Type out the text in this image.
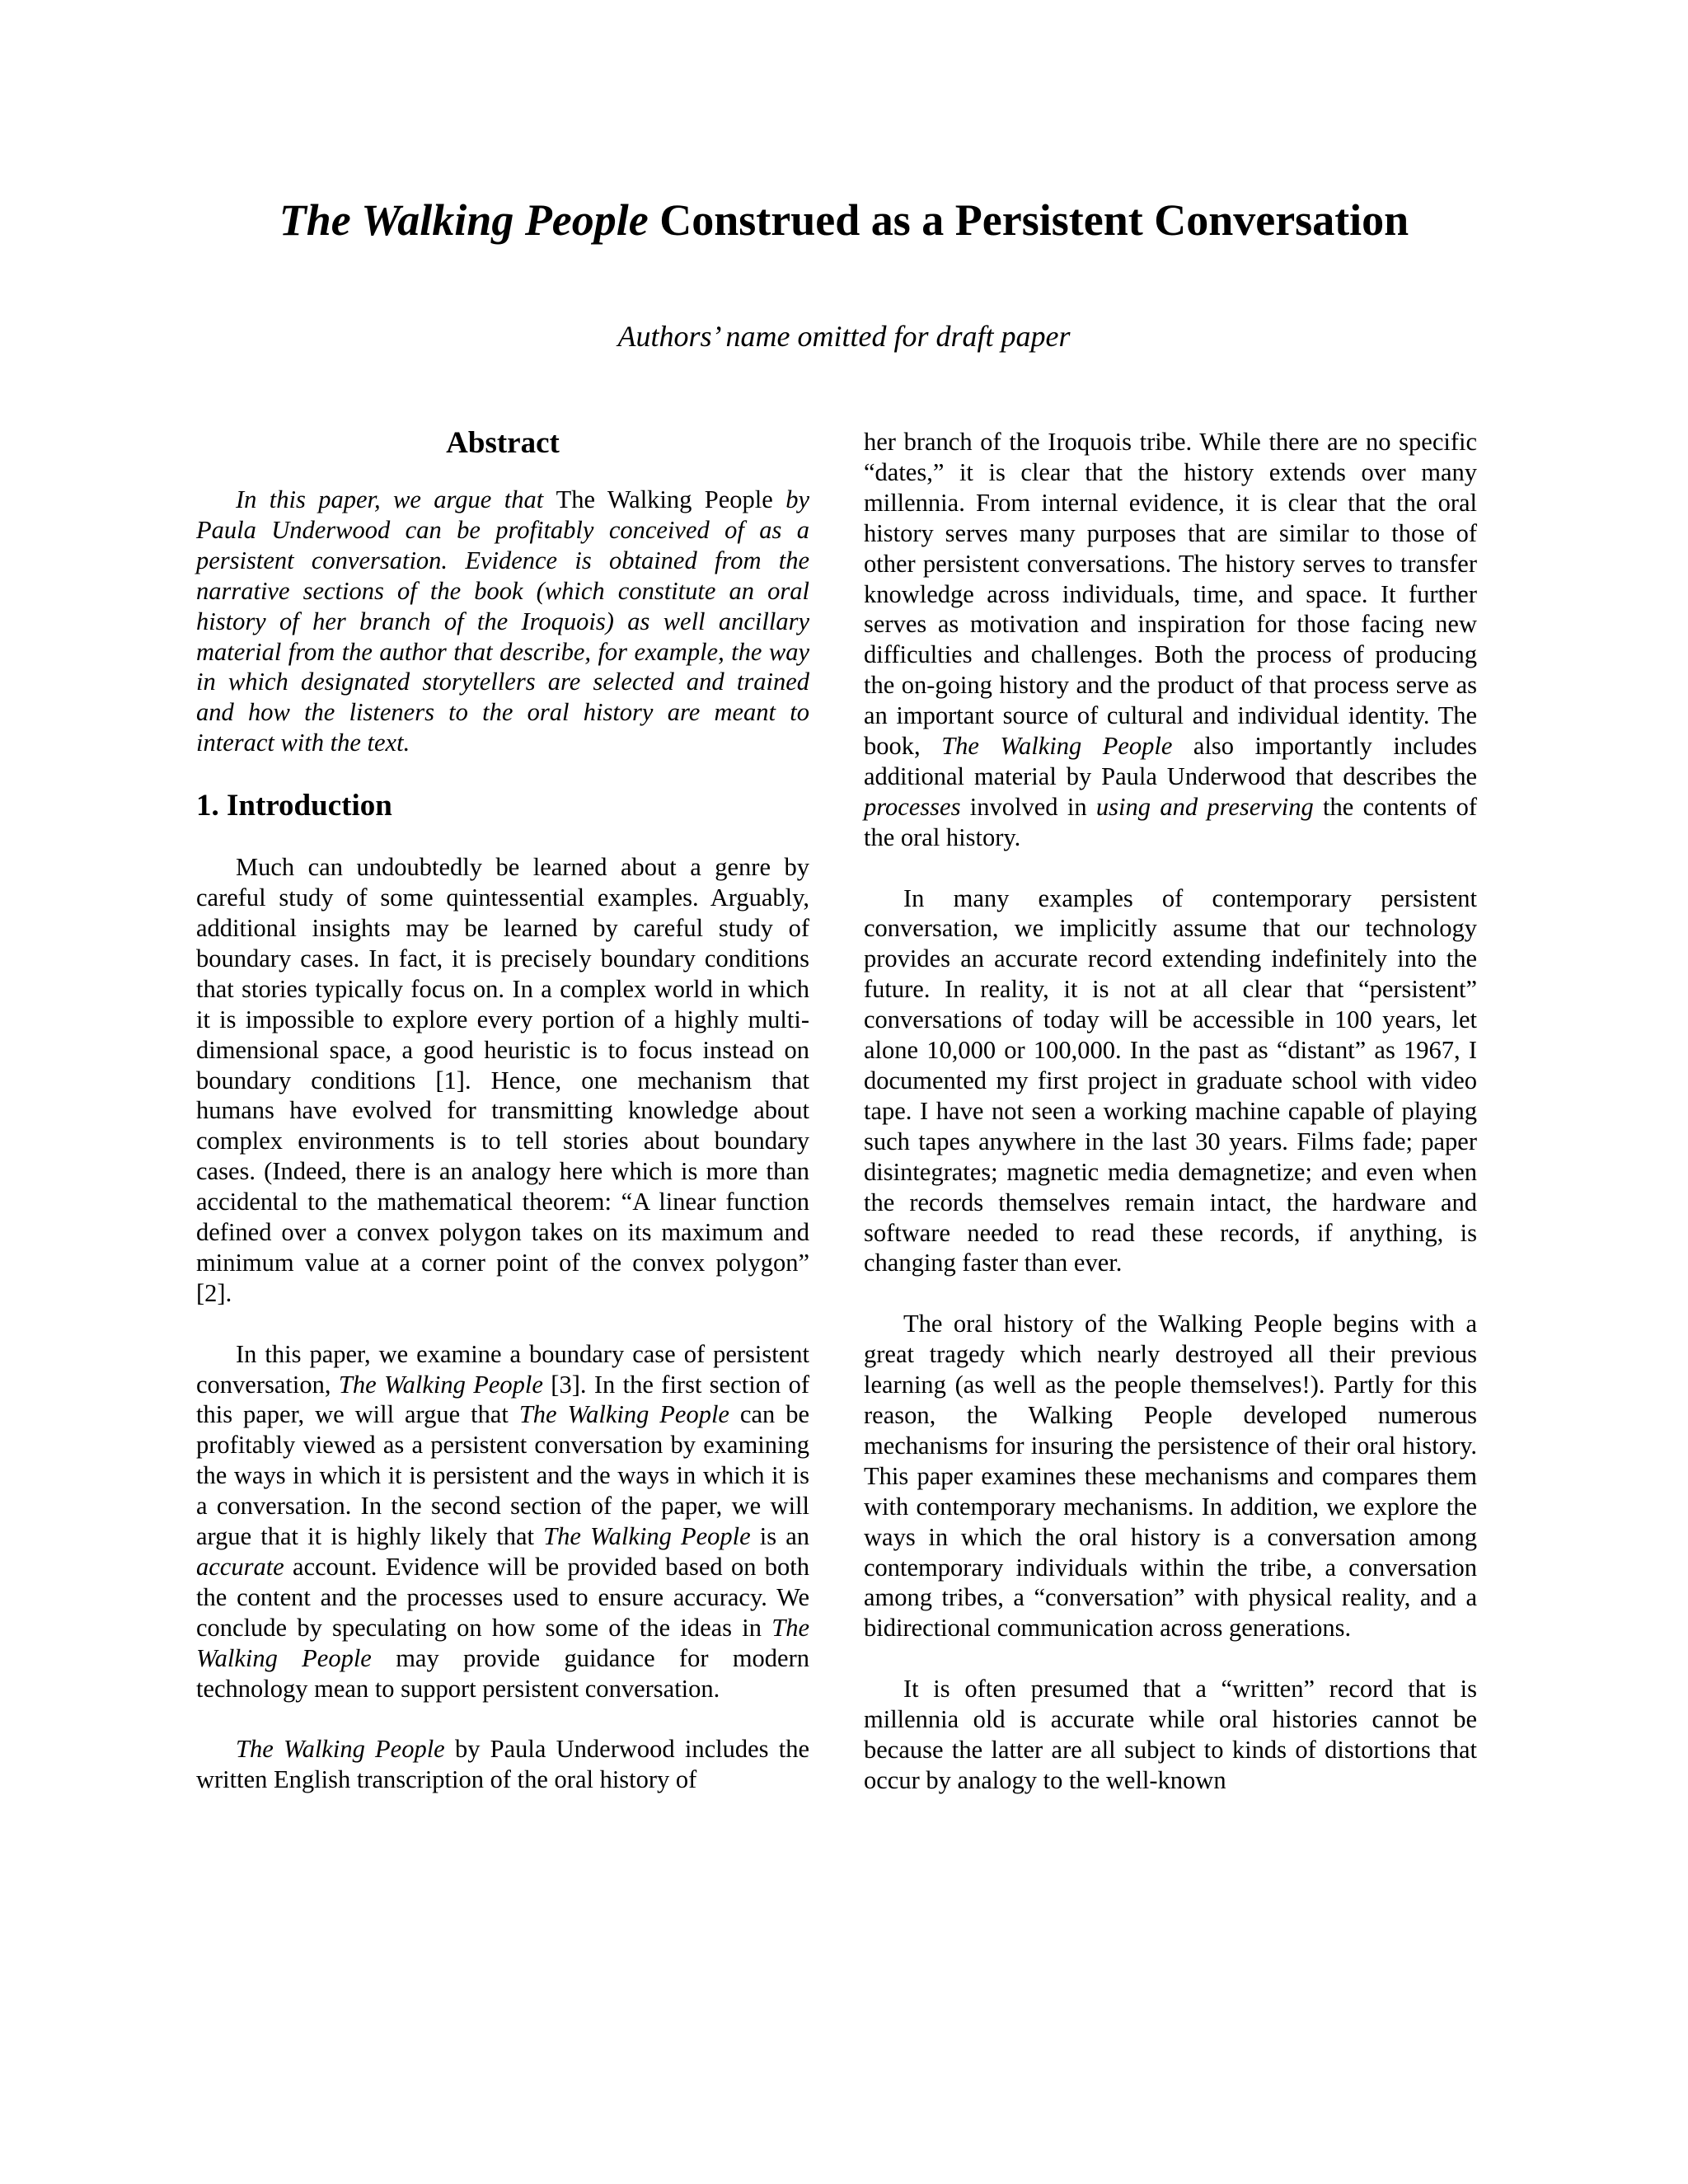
The Walking People Construed as a Persistent Conversation
Authors’ name omitted for draft paper
Abstract

In this paper, we argue that The Walking People by Paula Underwood can be profitably conceived of as a persistent conversation. Evidence is obtained from the narrative sections of the book (which constitute an oral history of her branch of the Iroquois) as well ancillary material from the author that describe, for example, the way in which designated storytellers are selected and trained and how the listeners to the oral history are meant to interact with the text.

1. Introduction

Much can undoubtedly be learned about a genre by careful study of some quintessential examples. Arguably, additional insights may be learned by careful study of boundary cases. In fact, it is precisely boundary conditions that stories typically focus on. In a complex world in which it is impossible to explore every portion of a highly multi-dimensional space, a good heuristic is to focus instead on boundary conditions [1]. Hence, one mechanism that humans have evolved for transmitting knowledge about complex environments is to tell stories about boundary cases. (Indeed, there is an analogy here which is more than accidental to the mathematical theorem: “A linear function defined over a convex polygon takes on its maximum and minimum value at a corner point of the convex polygon” [2].

In this paper, we examine a boundary case of persistent conversation, The Walking People [3]. In the first section of this paper, we will argue that The Walking People can be profitably viewed as a persistent conversation by examining the ways in which it is persistent and the ways in which it is a conversation. In the second section of the paper, we will argue that it is highly likely that The Walking People is an accurate account. Evidence will be provided based on both the content and the processes used to ensure accuracy. We conclude by speculating on how some of the ideas in The Walking People may provide guidance for modern technology mean to support persistent conversation.

The Walking People by Paula Underwood includes the written English transcription of the oral history of

her branch of the Iroquois tribe. While there are no specific “dates,” it is clear that the history extends over many millennia. From internal evidence, it is clear that the oral history serves many purposes that are similar to those of other persistent conversations. The history serves to transfer knowledge across individuals, time, and space. It further serves as motivation and inspiration for those facing new difficulties and challenges. Both the process of producing the on-going history and the product of that process serve as an important source of cultural and individual identity. The book, The Walking People also importantly includes additional material by Paula Underwood that describes the processes involved in using and preserving the contents of the oral history.

In many examples of contemporary persistent conversation, we implicitly assume that our technology provides an accurate record extending indefinitely into the future. In reality, it is not at all clear that “persistent” conversations of today will be accessible in 100 years, let alone 10,000 or 100,000. In the past as “distant” as 1967, I documented my first project in graduate school with video tape. I have not seen a working machine capable of playing such tapes anywhere in the last 30 years. Films fade; paper disintegrates; magnetic media demagnetize; and even when the records themselves remain intact, the hardware and software needed to read these records, if anything, is changing faster than ever.

The oral history of the Walking People begins with a great tragedy which nearly destroyed all their previous learning (as well as the people themselves!). Partly for this reason, the Walking People developed numerous mechanisms for insuring the persistence of their oral history. This paper examines these mechanisms and compares them with contemporary mechanisms. In addition, we explore the ways in which the oral history is a conversation among contemporary individuals within the tribe, a conversation among tribes, a “conversation” with physical reality, and a bidirectional communication across generations.

It is often presumed that a “written” record that is millennia old is accurate while oral histories cannot be because the latter are all subject to kinds of distortions that occur by analogy to the well-known
